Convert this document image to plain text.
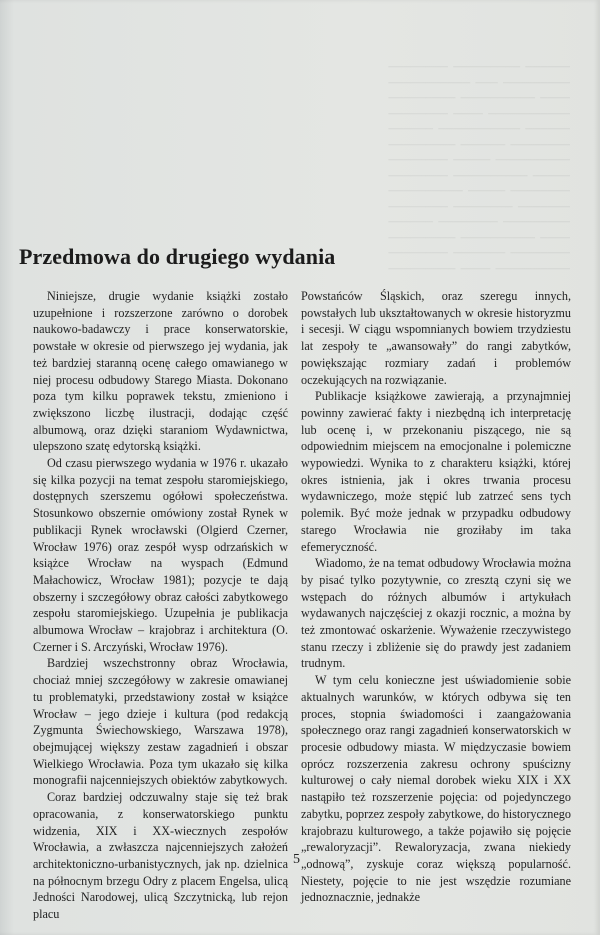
──────  ─────────  ────────
─────────  ───  ───────────
────  ──────────  ─────────
───────────  ────  ────────
──────  ───────────  ──────
────────  ──────  ─────────
──────────  ─────  ────────
─────  ──────────  ────────
────────  ─────  ──────────
───────  ────────  ────────
─────────  ────────  ──────
────  ──────────  ─────────
────────  ───────  ────────
──────────  ────  ─────────
Przedmowa do drugiego wydania

Niniejsze, drugie wydanie książki zostało uzupełnione i rozszerzone zarówno o dorobek naukowo-badawczy i prace konserwatorskie, powstałe w okresie od pierwszego jej wydania, jak też bardziej staranną ocenę całego omawianego w niej procesu odbudowy Starego Miasta. Dokonano poza tym kilku poprawek tekstu, zmieniono i zwiększono liczbę ilustracji, dodając część albumową, oraz dzięki staraniom Wydawnictwa, ulepszono szatę edytorską książki.

Od czasu pierwszego wydania w 1976 r. ukazało się kilka pozycji na temat zespołu staromiejskiego, dostępnych szerszemu ogółowi społeczeństwa. Stosunkowo obszernie omówiony został Rynek w publikacji Rynek wrocławski (Olgierd Czerner, Wrocław 1976) oraz zespół wysp odrzańskich w książce Wrocław na wyspach (Edmund Małachowicz, Wrocław 1981); pozycje te dają obszerny i szczegółowy obraz całości zabytkowego zespołu staromiejskiego. Uzupełnia je publikacja albumowa Wrocław – krajobraz i architektura (O. Czerner i S. Arczyński, Wrocław 1976).

Bardziej wszechstronny obraz Wrocławia, chociaż mniej szczegółowy w zakresie omawianej tu problematyki, przedstawiony został w książce Wrocław – jego dzieje i kultura (pod redakcją Zygmunta Świechowskiego, Warszawa 1978), obejmującej większy zestaw zagadnień i obszar Wielkiego Wrocławia. Poza tym ukazało się kilka monografii najcenniejszych obiektów zabytkowych.

Coraz bardziej odczuwalny staje się też brak opracowania, z konserwatorskiego punktu widzenia, XIX i XX-wiecznych zespołów Wrocławia, a zwłaszcza najcenniejszych założeń architektoniczno-urbanistycznych, jak np. dzielnica na północnym brzegu Odry z placem Engelsa, ulicą Jedności Narodowej, ulicą Szczytnicką, lub rejon placu

Powstańców Śląskich, oraz szeregu innych, powstałych lub ukształtowanych w okresie historyzmu i secesji. W ciągu wspomnianych bowiem trzydziestu lat zespoły te „awansowały” do rangi zabytków, powiększając rozmiary zadań i problemów oczekujących na rozwiązanie.

Publikacje książkowe zawierają, a przynajmniej powinny zawierać fakty i niezbędną ich interpretację lub ocenę i, w przekonaniu piszącego, nie są odpowiednim miejscem na emocjonalne i polemiczne wypowiedzi. Wynika to z charakteru książki, której okres istnienia, jak i okres trwania procesu wydawniczego, może stępić lub zatrzeć sens tych polemik. Być może jednak w przypadku odbudowy starego Wrocławia nie groziłaby im taka efemeryczność.

Wiadomo, że na temat odbudowy Wrocławia można by pisać tylko pozytywnie, co zresztą czyni się we wstępach do różnych albumów i artykułach wydawanych najczęściej z okazji rocznic, a można by też zmontować oskarżenie. Wyważenie rzeczywistego stanu rzeczy i zbliżenie się do prawdy jest zadaniem trudnym.

W tym celu konieczne jest uświadomienie sobie aktualnych warunków, w których odbywa się ten proces, stopnia świadomości i zaangażowania społecznego oraz rangi zagadnień konserwatorskich w procesie odbudowy miasta. W międzyczasie bowiem oprócz rozszerzenia zakresu ochrony spuścizny kulturowej o cały niemal dorobek wieku XIX i XX nastąpiło też rozszerzenie pojęcia: od pojedynczego zabytku, poprzez zespoły zabytkowe, do historycznego krajobrazu kulturowego, a także pojawiło się pojęcie „rewaloryzacji”. Rewaloryzacja, zwana niekiedy „odnową”, zyskuje coraz większą popularność. Niestety, pojęcie to nie jest wszędzie rozumiane jednoznacznie, jednakże

5
